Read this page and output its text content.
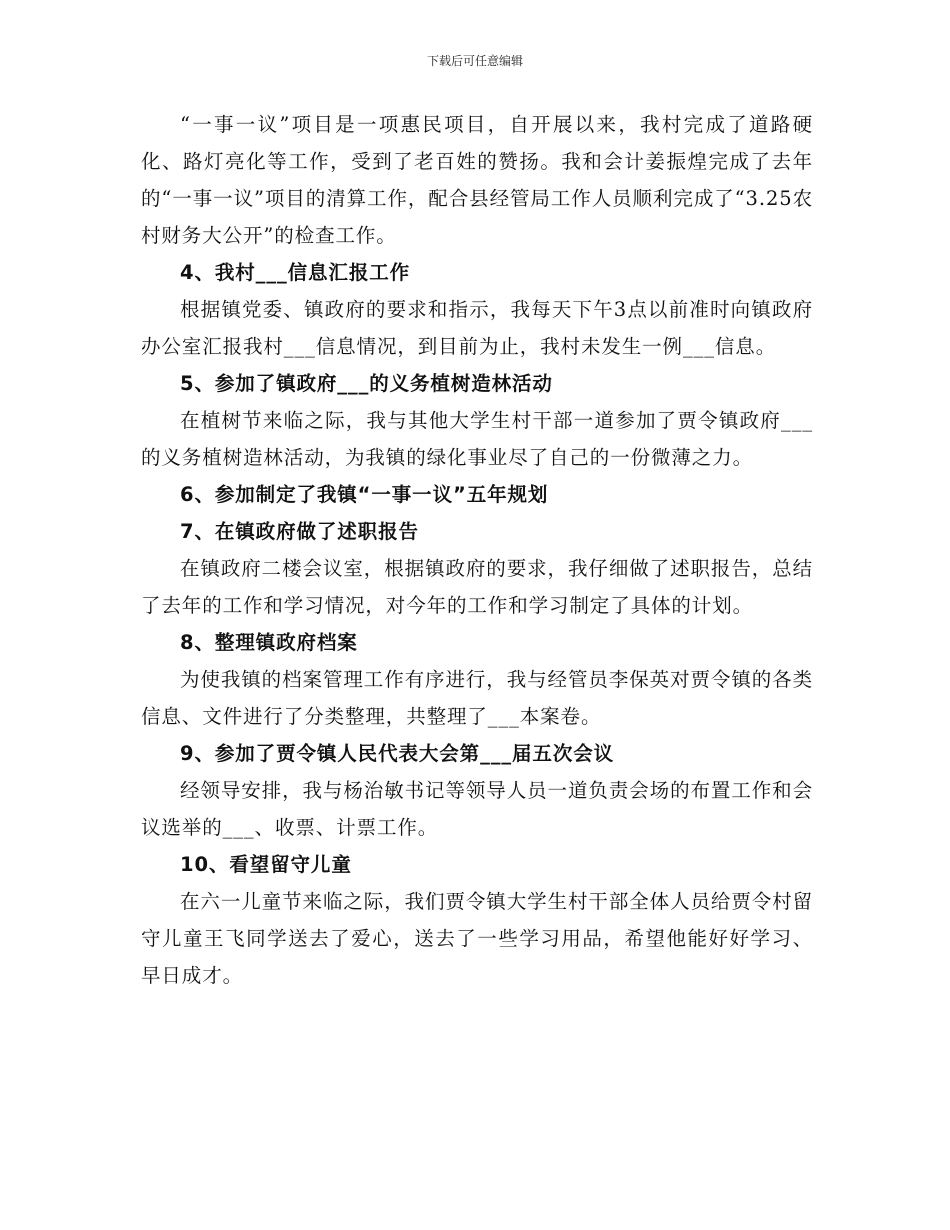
下载后可任意编辑

“一事一议”项目是一项惠民项目，自开展以来，我村完成了道路硬化、路灯亮化等工作，受到了老百姓的赞扬。我和会计姜振煌完成了去年的“一事一议”项目的清算工作，配合县经管局工作人员顺利完成了“3.25农村财务大公开”的检查工作。

4、我村___信息汇报工作

根据镇党委、镇政府的要求和指示，我每天下午3点以前准时向镇政府办公室汇报我村___信息情况，到目前为止，我村未发生一例___信息。

5、参加了镇政府___的义务植树造林活动

在植树节来临之际，我与其他大学生村干部一道参加了贾令镇政府___的义务植树造林活动，为我镇的绿化事业尽了自己的一份微薄之力。

6、参加制定了我镇“一事一议”五年规划

7、在镇政府做了述职报告

在镇政府二楼会议室，根据镇政府的要求，我仔细做了述职报告，总结了去年的工作和学习情况，对今年的工作和学习制定了具体的计划。

8、整理镇政府档案

为使我镇的档案管理工作有序进行，我与经管员李保英对贾令镇的各类信息、文件进行了分类整理，共整理了___本案卷。

9、参加了贾令镇人民代表大会第___届五次会议

经领导安排，我与杨治敏书记等领导人员一道负责会场的布置工作和会议选举的___、收票、计票工作。

10、看望留守儿童

在六一儿童节来临之际，我们贾令镇大学生村干部全体人员给贾令村留守儿童王飞同学送去了爱心，送去了一些学习用品，希望他能好好学习、早日成才。
